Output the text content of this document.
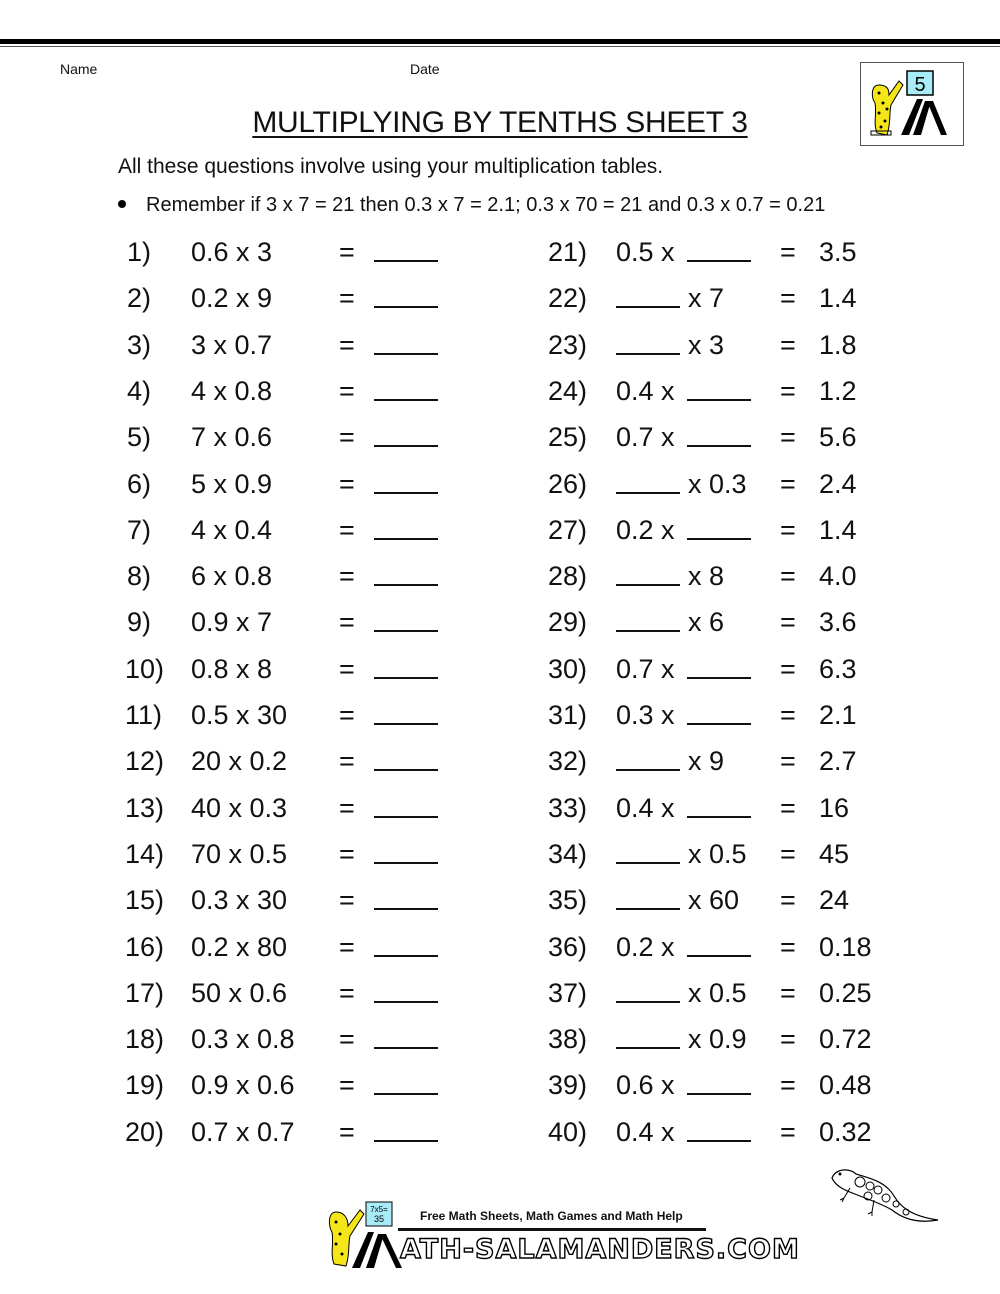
Name	Date
5
MULTIPLYING BY TENTHS SHEET 3
All these questions involve using your multiplication tables.
Remember if 3 x 7 = 21 then 0.3 x 7 = 2.1; 0.3 x 70 = 21 and 0.3 x 0.7 = 0.21
1) 0.6 x 3 =
2) 0.2 x 9 =
3) 3 x 0.7 =
4) 4 x 0.8 =
5) 7 x 0.6 =
6) 5 x 0.9 =
7) 4 x 0.4 =
8) 6 x 0.8 =
9) 0.9 x 7 =
10) 0.8 x 8 =
11) 0.5 x 30 =
12) 20 x 0.2 =
13) 40 x 0.3 =
14) 70 x 0.5 =
15) 0.3 x 30 =
16) 0.2 x 80 =
17) 50 x 0.6 =
18) 0.3 x 0.8 =
19) 0.9 x 0.6 =
20) 0.7 x 0.7 =
21) 0.5 x	= 3.5
22)	x 7 = 1.4
23)	x 3 = 1.8
24) 0.4 x	= 1.2
25) 0.7 x	= 5.6
26)	x 0.3 = 2.4
27) 0.2 x	= 1.4
28)	x 8 = 4.0
29)	x 6 = 3.6
30) 0.7 x	= 6.3
31) 0.3 x	= 2.1
32)	x 9 = 2.7
33) 0.4 x	= 16
34)	x 0.5 = 45
35)	x 60 = 24
36) 0.2 x	= 0.18
37)	x 0.5 = 0.25
38)	x 0.9 = 0.72
39) 0.6 x	= 0.48
40) 0.4 x	= 0.32
7x5=
35	Free Math Sheets, Math Games and Math Help
ATH-SALAMANDERS.COM
